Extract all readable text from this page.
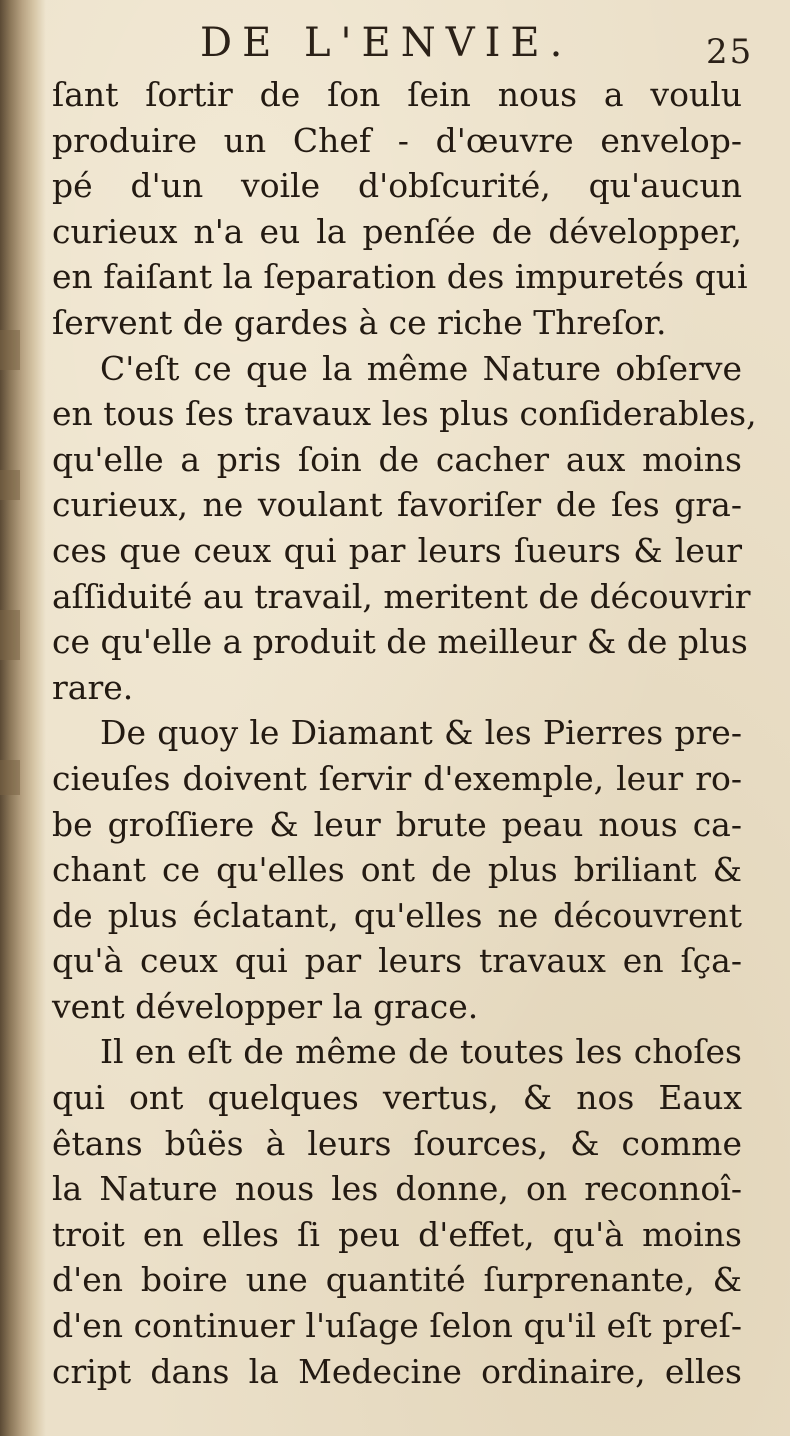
DE L'ENVIE.	25
ſant ſortir de ſon ſein nous a voulu
produire un Chef - d'œuvre envelop-
pé d'un voile d'obſcurité, qu'aucun
curieux n'a eu la penſée de développer,
en faiſant la ſeparation des impuretés qui
ſervent de gardes à ce riche Threſor.
C'eſt ce que la même Nature obſerve
en tous ſes travaux les plus conſiderables,
qu'elle a pris ſoin de cacher aux moins
curieux, ne voulant favoriſer de ſes gra-
ces que ceux qui par leurs ſueurs & leur
aſſiduité au travail, meritent de découvrir
ce qu'elle a produit de meilleur & de plus
rare.
De quoy le Diamant & les Pierres pre-
cieuſes doivent ſervir d'exemple, leur ro-
be groſſiere & leur brute peau nous ca-
chant ce qu'elles ont de plus briliant &
de plus éclatant, qu'elles ne découvrent
qu'à ceux qui par leurs travaux en ſça-
vent développer la grace.
Il en eſt de même de toutes les choſes
qui ont quelques vertus, & nos Eaux
êtans bûës à leurs ſources, & comme
la Nature nous les donne, on reconnoî-
troit en elles ſi peu d'effet, qu'à moins
d'en boire une quantité ſurprenante, &
d'en continuer l'uſage ſelon qu'il eſt preſ-
cript dans la Medecine ordinaire, elles
